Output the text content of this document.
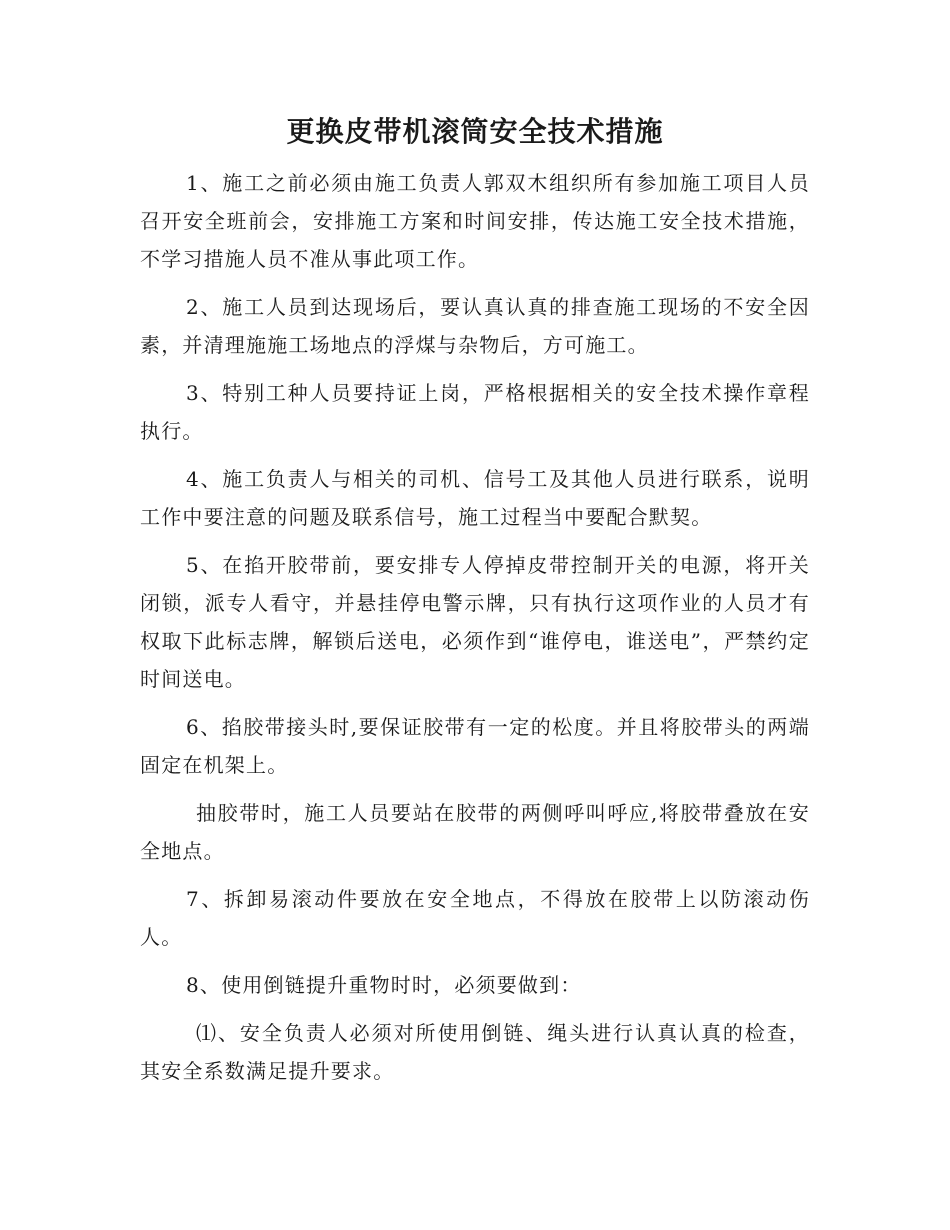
更换皮带机滚筒安全技术措施

1、施工之前必须由施工负责人郭双木组织所有参加施工项目人员召开安全班前会，安排施工方案和时间安排，传达施工安全技术措施，不学习措施人员不准从事此项工作。

2、施工人员到达现场后，要认真认真的排查施工现场的不安全因素，并清理施施工场地点的浮煤与杂物后，方可施工。

3、特别工种人员要持证上岗，严格根据相关的安全技术操作章程执行。

4、施工负责人与相关的司机、信号工及其他人员进行联系，说明工作中要注意的问题及联系信号，施工过程当中要配合默契。

5、在掐开胶带前，要安排专人停掉皮带控制开关的电源，将开关闭锁，派专人看守，并悬挂停电警示牌，只有执行这项作业的人员才有权取下此标志牌，解锁后送电，必须作到“谁停电，谁送电”，严禁约定时间送电。

6、掐胶带接头时,要保证胶带有一定的松度。并且将胶带头的两端固定在机架上。

抽胶带时，施工人员要站在胶带的两侧呼叫呼应,将胶带叠放在安全地点。

7、拆卸易滚动件要放在安全地点，不得放在胶带上以防滚动伤人。

8、使用倒链提升重物时时，必须要做到：

⑴、安全负责人必须对所使用倒链、绳头进行认真认真的检查，其安全系数满足提升要求。
